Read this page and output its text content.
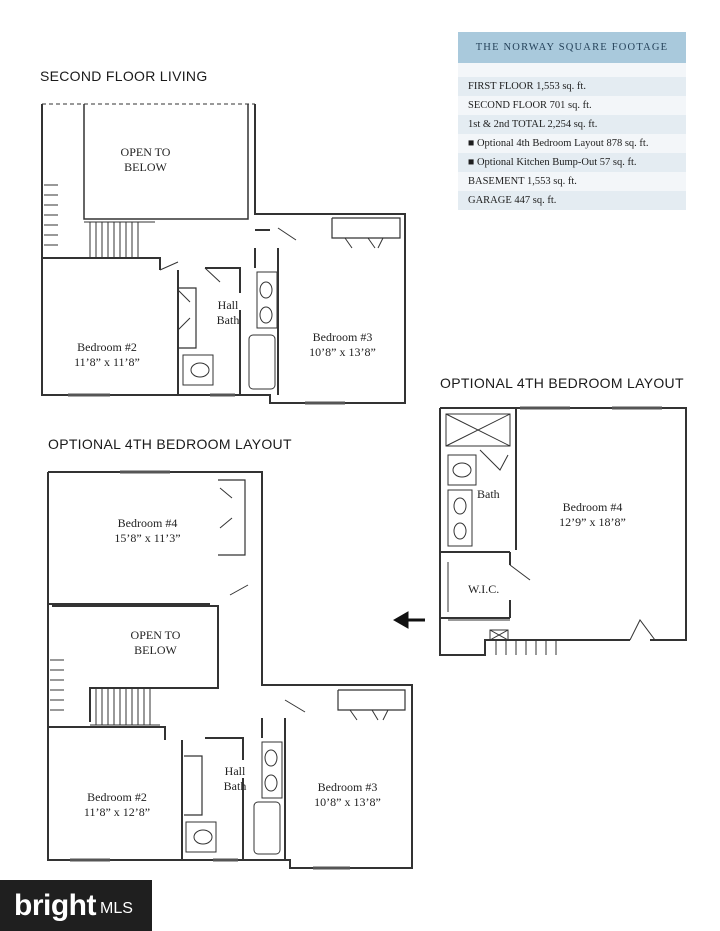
SECOND FLOOR LIVING
OPTIONAL 4TH BEDROOM LAYOUT
OPTIONAL 4TH BEDROOM LAYOUT
THE NORWAY SQUARE FOOTAGE
FIRST FLOOR 1,553 sq. ft.
SECOND FLOOR 701 sq. ft.
1st & 2nd TOTAL 2,254 sq. ft.
■ Optional 4th Bedroom Layout 878 sq. ft.
■ Optional Kitchen Bump-Out 57 sq. ft.
BASEMENT 1,553 sq. ft.
GARAGE 447 sq. ft.
OPEN TO
BELOW
Bedroom #2
11’8” x 11’8”
Hall
Bath
Bedroom #3
10’8” x 13’8”
Bedroom #4
15’8” x 11’3”
OPEN TO
BELOW
Bedroom #2
11’8” x 12’8”
Hall
Bath	Bedroom #3
10’8” x 13’8”
Bath
W.I.C.
Bedroom #4
12’9” x 18’8”
bright MLS
